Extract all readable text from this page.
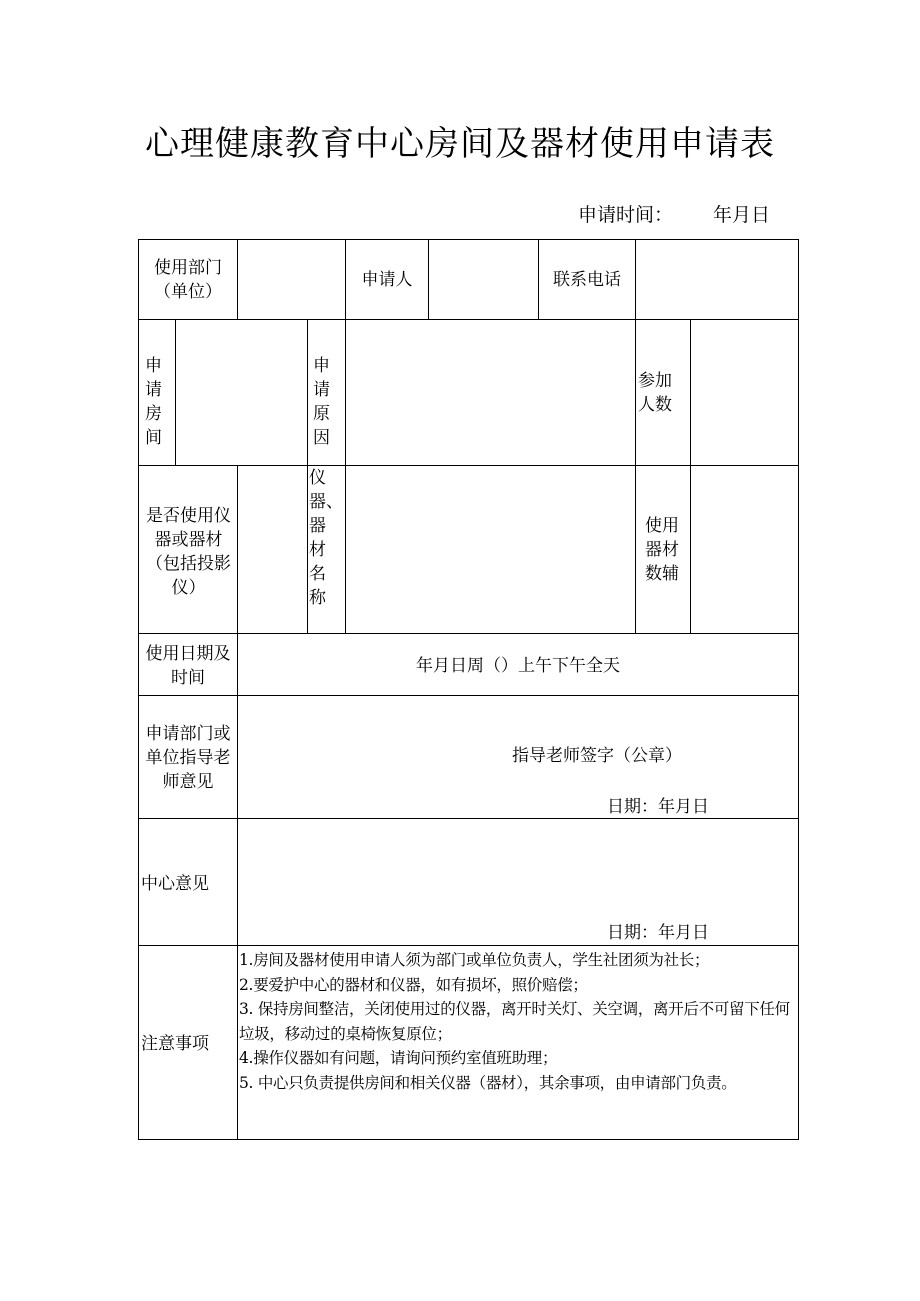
心理健康教育中心房间及器材使用申请表
申请时间： 年月日
使用部门（单位）
申请人	联系电话
申请房间
申请原因
参加人数
是否使用仪器或器材（包括投影仪）
仪器、器材名称
使用器材数辅
使用日期及时间
年月日周（）上午下午全天
申请部门或单位指导老师意见
指导老师签字（公章）
日期：年月日
中心意见
日期：年月日
注意事项
1.房间及器材使用申请人须为部门或单位负责人，学生社团须为社长；
2.要爱护中心的器材和仪器，如有损坏，照价赔偿；
3. 保持房间整洁，关闭使用过的仪器，离开时关灯、关空调，离开后不可留下任何垃圾，移动过的桌椅恢复原位；
4.操作仪器如有问题，请询问预约室值班助理；
5. 中心只负责提供房间和相关仪器（器材），其余事项，由申请部门负责。
